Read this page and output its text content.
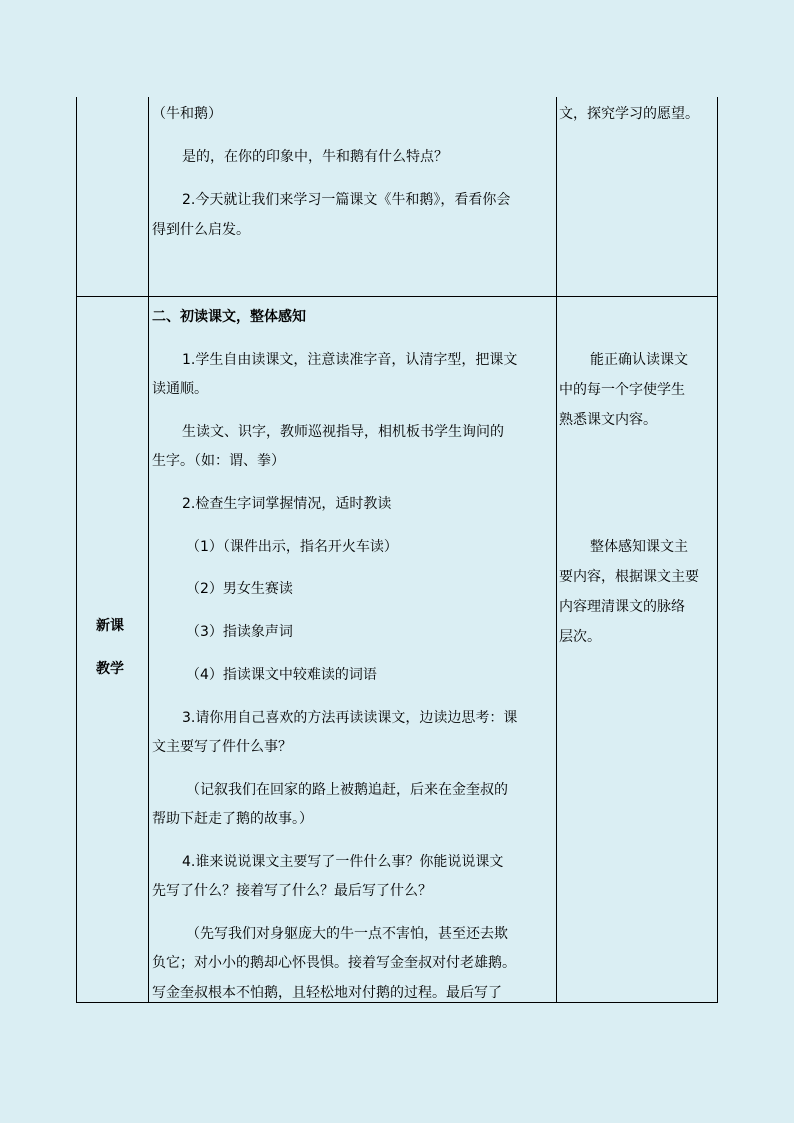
（牛和鹅）
是的，在你的印象中，牛和鹅有什么特点？
2.今天就让我们来学习一篇课文《牛和鹅》，看看你会
得到什么启发。
文，探究学习的愿望。
新课
教学
二、初读课文，整体感知
1.学生自由读课文，注意读准字音，认清字型，把课文
读通顺。
生读文、识字，教师巡视指导，相机板书学生询问的
生字。（如：谓、拳）
2.检查生字词掌握情况，适时教读
（1）（课件出示，指名开火车读）
（2）男女生赛读
（3）指读象声词
（4）指读课文中较难读的词语
3.请你用自己喜欢的方法再读读课文，边读边思考：课
文主要写了件什么事？
（记叙我们在回家的路上被鹅追赶，后来在金奎叔的
帮助下赶走了鹅的故事。）
4.谁来说说课文主要写了一件什么事？你能说说课文
先写了什么？接着写了什么？最后写了什么？
（先写我们对身躯庞大的牛一点不害怕，甚至还去欺
负它；对小小的鹅却心怀畏惧。接着写金奎叔对付老雄鹅。
写金奎叔根本不怕鹅，且轻松地对付鹅的过程。最后写了
能正确认读课文
中的每一个字使学生
熟悉课文内容。
整体感知课文主
要内容，根据课文主要
内容理清课文的脉络
层次。
